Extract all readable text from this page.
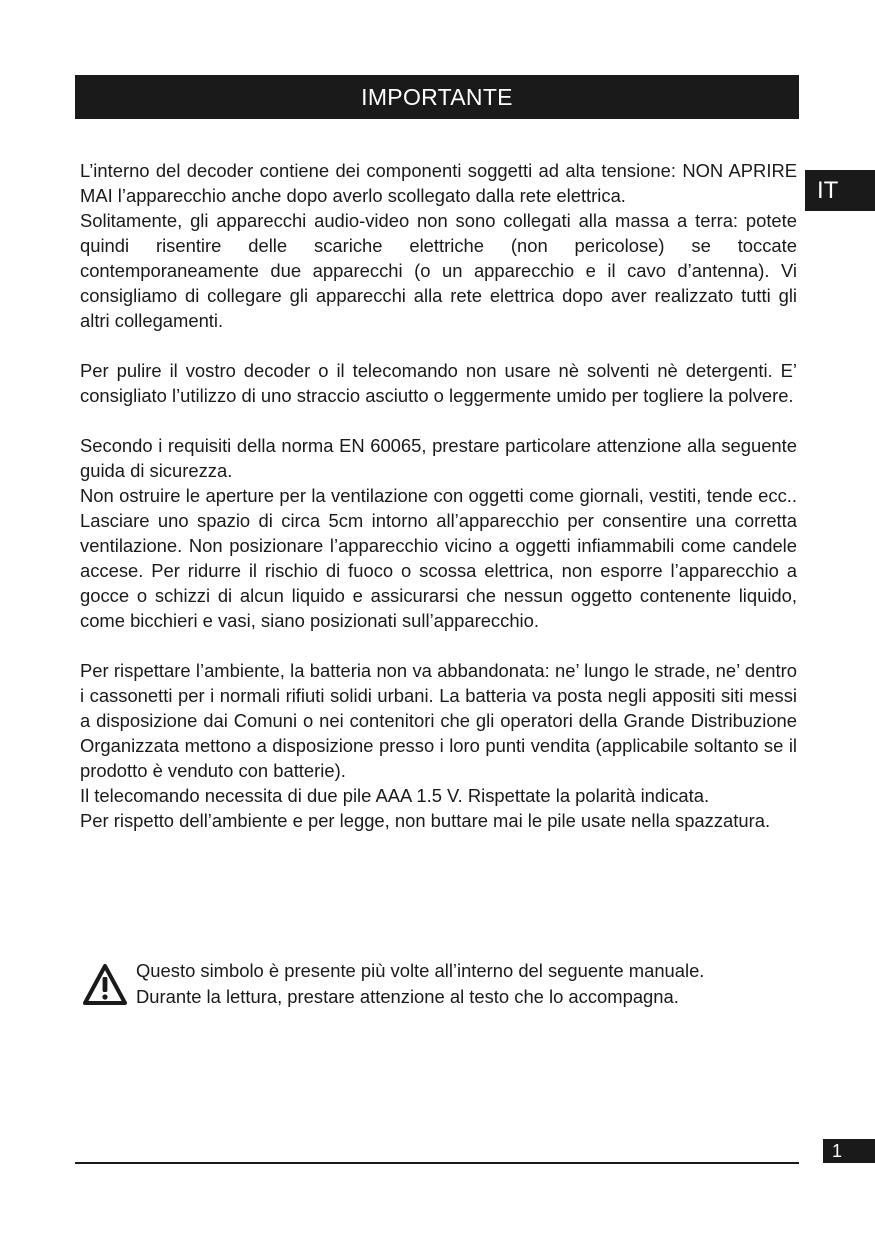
IMPORTANTE
IT

L’interno del decoder contiene dei componenti soggetti ad alta tensione: NON APRIRE MAI l’apparecchio anche dopo averlo scollegato dalla rete elettrica.

Solitamente, gli apparecchi audio-video non sono collegati alla massa a terra: potete quindi risentire delle scariche elettriche (non pericolose) se toccate contemporaneamente due apparecchi (o un apparecchio e il cavo d’antenna). Vi consigliamo di collegare gli apparecchi alla rete elettrica dopo aver realizzato tutti gli altri collegamenti.

Per pulire il vostro decoder o il telecomando non usare nè solventi nè detergenti. E’ consigliato l’utilizzo di uno straccio asciutto o leggermente umido per togliere la polvere.

Secondo i requisiti della norma EN 60065, prestare particolare attenzione alla seguente guida di sicurezza.

Non ostruire le aperture per la ventilazione con oggetti come giornali, vestiti, tende ecc.. Lasciare uno spazio di circa 5cm intorno all’apparecchio per consentire una corretta ventilazione. Non posizionare l’apparecchio vicino a oggetti infiammabili come candele accese. Per ridurre il rischio di fuoco o scossa elettrica, non esporre l’apparecchio a gocce o schizzi di alcun liquido e assicurarsi che nessun oggetto contenente liquido, come bicchieri e vasi, siano posizionati sull’apparecchio.

Per rispettare l’ambiente, la batteria non va abbandonata: ne’ lungo le strade, ne’ dentro i cassonetti per i normali rifiuti solidi urbani. La batteria va posta negli appositi siti messi a disposizione dai Comuni o nei contenitori che gli operatori della Grande Distribuzione Organizzata mettono a disposizione presso i loro punti vendita (applicabile soltanto se il prodotto è venduto con batterie).

Il telecomando necessita di due pile AAA 1.5 V. Rispettate la polarità indicata.

Per rispetto dell’ambiente e per legge, non buttare mai le pile usate nella spazzatura.

Questo simbolo è presente più volte all’interno del seguente manuale.
Durante la lettura, prestare attenzione al testo che lo accompagna.
1
